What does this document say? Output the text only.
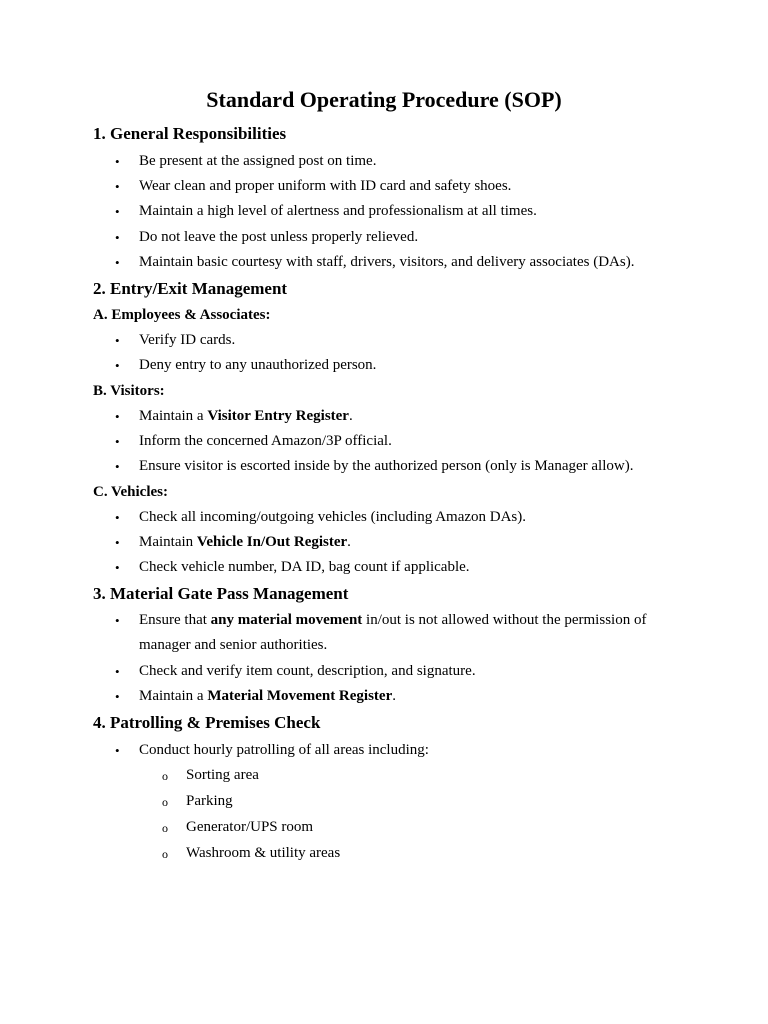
Standard Operating Procedure (SOP)
1. General Responsibilities
• Be present at the assigned post on time.
• Wear clean and proper uniform with ID card and safety shoes.
• Maintain a high level of alertness and professionalism at all times.
• Do not leave the post unless properly relieved.
• Maintain basic courtesy with staff, drivers, visitors, and delivery associates (DAs).
2. Entry/Exit Management
A. Employees & Associates:
• Verify ID cards.
• Deny entry to any unauthorized person.
B. Visitors:
• Maintain a Visitor Entry Register.
• Inform the concerned Amazon/3P official.
• Ensure visitor is escorted inside by the authorized person (only is Manager allow).
C. Vehicles:
• Check all incoming/outgoing vehicles (including Amazon DAs).
• Maintain Vehicle In/Out Register.
• Check vehicle number, DA ID, bag count if applicable.
3. Material Gate Pass Management
• Ensure that any material movement in/out is not allowed without the permission of manager and senior authorities.
• Check and verify item count, description, and signature.
• Maintain a Material Movement Register.
4. Patrolling & Premises Check
• Conduct hourly patrolling of all areas including:
o Sorting area
o Parking
o Generator/UPS room
o Washroom & utility areas
